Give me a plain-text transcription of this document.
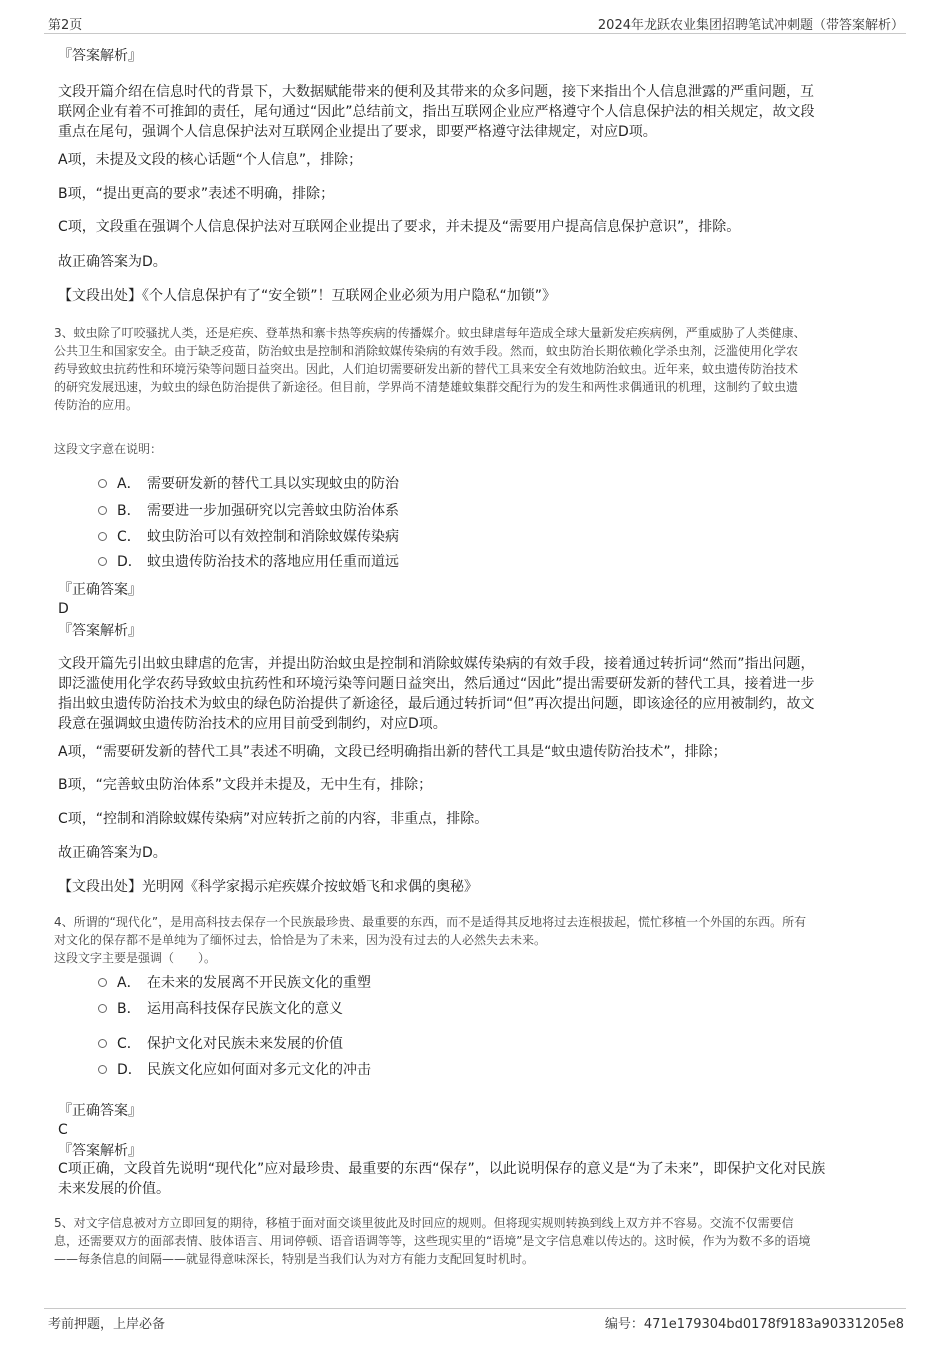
第2页	2024年龙跃农业集团招聘笔试冲刺题（带答案解析）
『答案解析』
文段开篇介绍在信息时代的背景下，大数据赋能带来的便利及其带来的众多问题，接下来指出个人信息泄露的严重问题，互
联网企业有着不可推卸的责任，尾句通过“因此”总结前文，指出互联网企业应严格遵守个人信息保护法的相关规定，故文段
重点在尾句，强调个人信息保护法对互联网企业提出了要求，即要严格遵守法律规定，对应D项。
A项，未提及文段的核心话题“个人信息”，排除；
B项，“提出更高的要求”表述不明确，排除；
C项，文段重在强调个人信息保护法对互联网企业提出了要求，并未提及“需要用户提高信息保护意识”，排除。
故正确答案为D。
【文段出处】《个人信息保护有了“安全锁”！互联网企业必须为用户隐私“加锁”》
3、蚊虫除了叮咬骚扰人类，还是疟疾、登革热和寨卡热等疾病的传播媒介。蚊虫肆虐每年造成全球大量新发疟疾病例，严重威胁了人类健康、
公共卫生和国家安全。由于缺乏疫苗，防治蚊虫是控制和消除蚊媒传染病的有效手段。然而，蚊虫防治长期依赖化学杀虫剂，泛滥使用化学农
药导致蚊虫抗药性和环境污染等问题日益突出。因此，人们迫切需要研发出新的替代工具来安全有效地防治蚊虫。近年来，蚊虫遗传防治技术
的研究发展迅速，为蚊虫的绿色防治提供了新途径。但目前，学界尚不清楚雄蚊集群交配行为的发生和两性求偶通讯的机理，这制约了蚊虫遗
传防治的应用。
这段文字意在说明：
A． 需要研发新的替代工具以实现蚊虫的防治
B． 需要进一步加强研究以完善蚊虫防治体系
C． 蚊虫防治可以有效控制和消除蚊媒传染病
D． 蚊虫遗传防治技术的落地应用任重而道远
『正确答案』
D
『答案解析』
文段开篇先引出蚊虫肆虐的危害，并提出防治蚊虫是控制和消除蚊媒传染病的有效手段，接着通过转折词“然而”指出问题，
即泛滥使用化学农药导致蚊虫抗药性和环境污染等问题日益突出，然后通过“因此”提出需要研发新的替代工具，接着进一步
指出蚊虫遗传防治技术为蚊虫的绿色防治提供了新途径，最后通过转折词“但”再次提出问题，即该途径的应用被制约，故文
段意在强调蚊虫遗传防治技术的应用目前受到制约，对应D项。
A项，“需要研发新的替代工具”表述不明确，文段已经明确指出新的替代工具是“蚊虫遗传防治技术”，排除；
B项，“完善蚊虫防治体系”文段并未提及，无中生有，排除；
C项，“控制和消除蚊媒传染病”对应转折之前的内容，非重点，排除。
故正确答案为D。
【文段出处】光明网《科学家揭示疟疾媒介按蚊婚飞和求偶的奥秘》
4、所谓的“现代化”，是用高科技去保存一个民族最珍贵、最重要的东西，而不是适得其反地将过去连根拔起，慌忙移植一个外国的东西。所有
对文化的保存都不是单纯为了缅怀过去，恰恰是为了未来，因为没有过去的人必然失去未来。
这段文字主要是强调（　　）。
A． 在未来的发展离不开民族文化的重塑
B． 运用高科技保存民族文化的意义
C． 保护文化对民族未来发展的价值
D． 民族文化应如何面对多元文化的冲击
『正确答案』
C
『答案解析』
C项正确，文段首先说明“现代化”应对最珍贵、最重要的东西“保存”，以此说明保存的意义是“为了未来”，即保护文化对民族
未来发展的价值。
5、对文字信息被对方立即回复的期待，移植于面对面交谈里彼此及时回应的规则。但将现实规则转换到线上双方并不容易。交流不仅需要信
息，还需要双方的面部表情、肢体语言、用词停顿、语音语调等等，这些现实里的“语境”是文字信息难以传达的。这时候，作为为数不多的语境
——每条信息的间隔——就显得意味深长，特别是当我们认为对方有能力支配回复时机时。
考前押题，上岸必备	编号：471e179304bd0178f9183a90331205e8
